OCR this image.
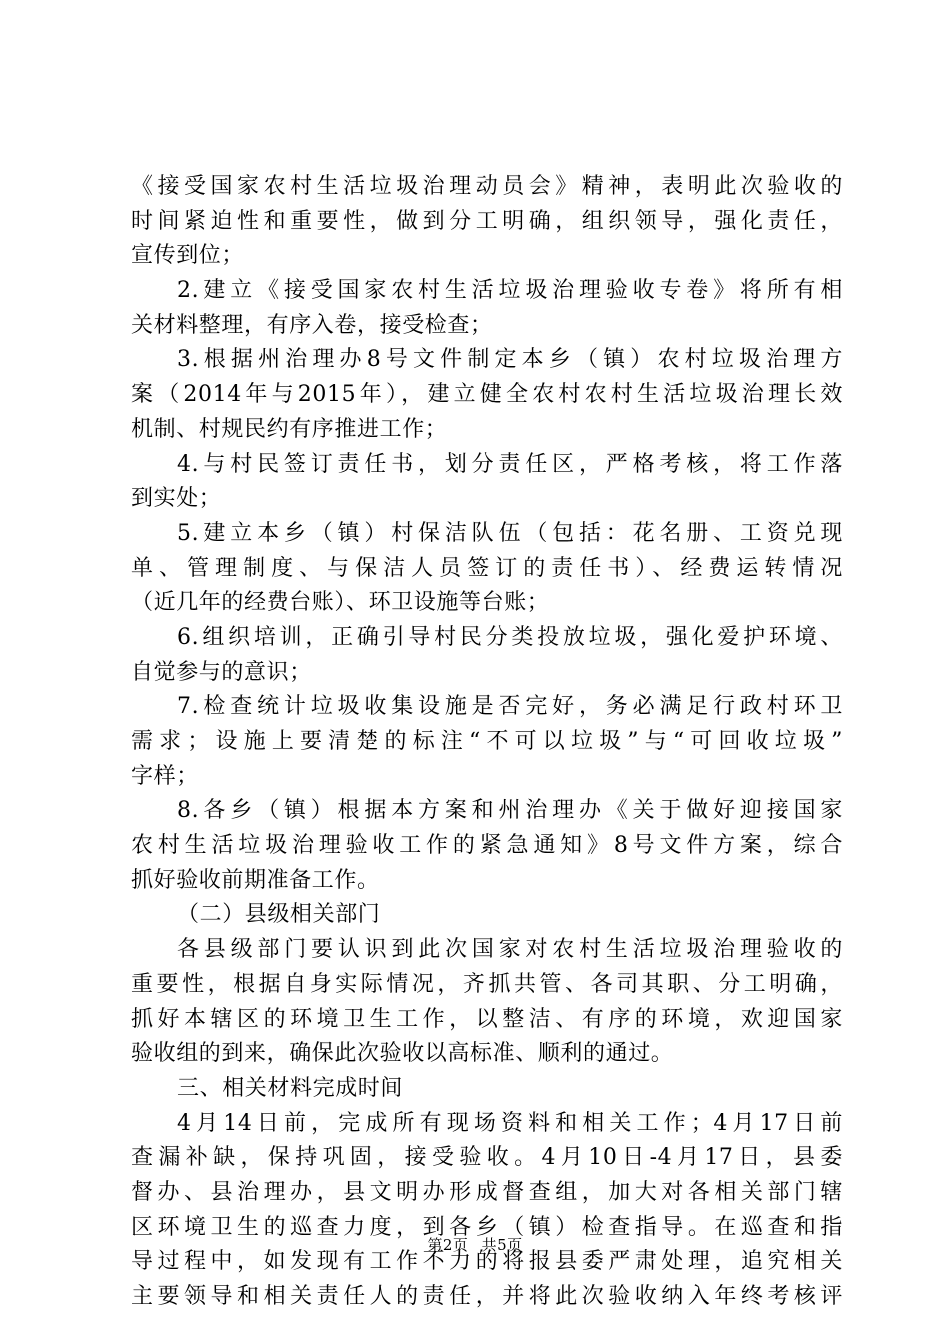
《接受国家农村生活垃圾治理动员会》精神，表明此次验收的
时间紧迫性和重要性，做到分工明确，组织领导，强化责任，
宣传到位；
2.建立《接受国家农村生活垃圾治理验收专卷》将所有相
关材料整理，有序入卷，接受检查；
3.根据州治理办8号文件制定本乡（镇）农村垃圾治理方
案（2014年与2015年），建立健全农村农村生活垃圾治理长效
机制、村规民约有序推进工作；
4.与村民签订责任书，划分责任区，严格考核，将工作落
到实处；
5.建立本乡（镇）村保洁队伍（包括：花名册、工资兑现
单、管理制度、与保洁人员签订的责任书）、经费运转情况
（近几年的经费台账）、环卫设施等台账；
6.组织培训，正确引导村民分类投放垃圾，强化爱护环境、
自觉参与的意识；
7.检查统计垃圾收集设施是否完好，务必满足行政村环卫
需求；设施上要清楚的标注“不可以垃圾”与“可回收垃圾”
字样；
8.各乡（镇）根据本方案和州治理办《关于做好迎接国家
农村生活垃圾治理验收工作的紧急通知》8号文件方案，综合
抓好验收前期准备工作。
（二）县级相关部门
各县级部门要认识到此次国家对农村生活垃圾治理验收的
重要性，根据自身实际情况，齐抓共管、各司其职、分工明确，
抓好本辖区的环境卫生工作，以整洁、有序的环境，欢迎国家
验收组的到来，确保此次验收以高标准、顺利的通过。
三、相关材料完成时间
4月14日前，完成所有现场资料和相关工作；4月17日前
查漏补缺，保持巩固，接受验收。4月10日-4月17日，县委
督办、县治理办，县文明办形成督查组，加大对各相关部门辖
区环境卫生的巡查力度，到各乡（镇）检查指导。在巡查和指
导过程中，如发现有工作不力的将报县委严肃处理，追究相关
主要领导和相关责任人的责任，并将此次验收纳入年终考核评
第2页 共5页
